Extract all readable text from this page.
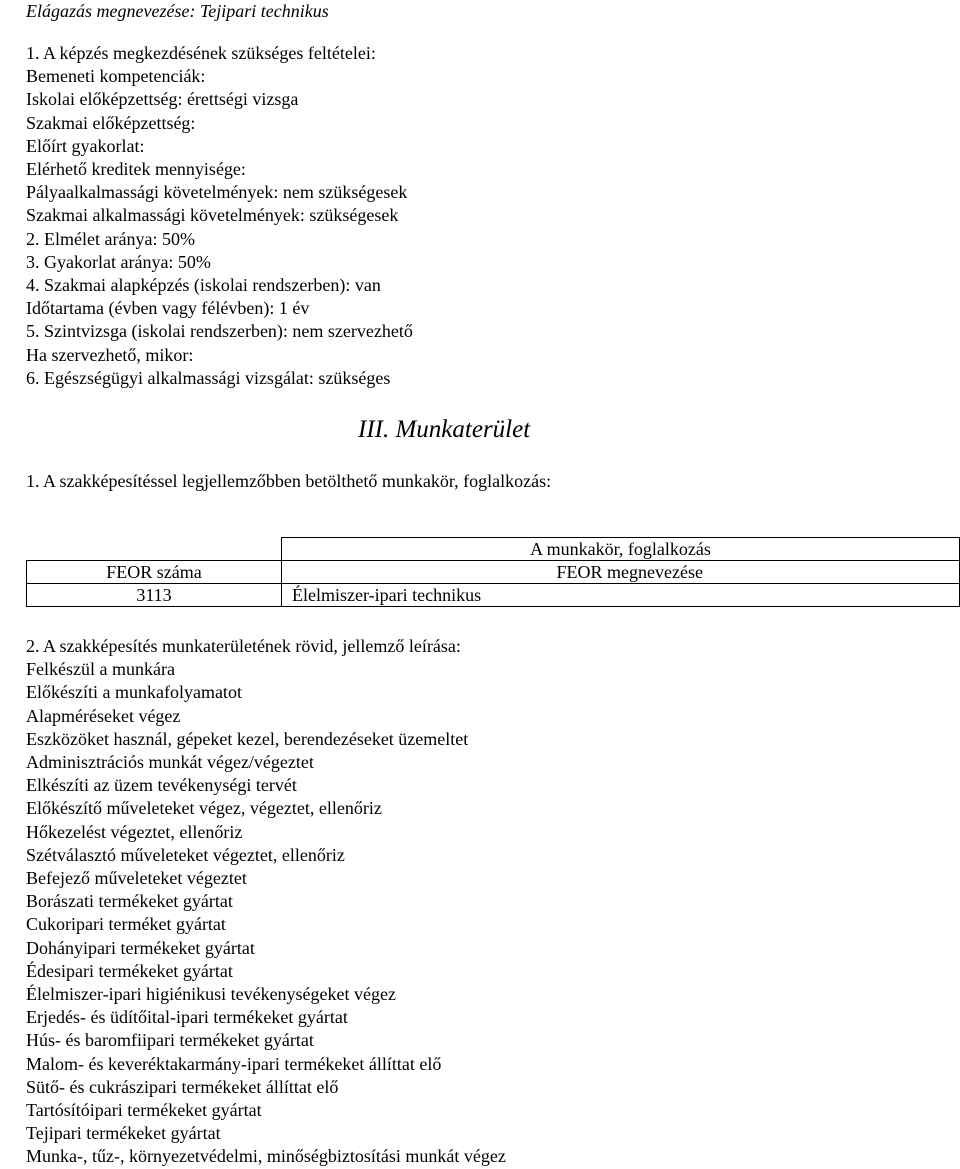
Elágazás megnevezése: Tejipari technikus
1. A képzés megkezdésének szükséges feltételei:
Bemeneti kompetenciák:
Iskolai előképzettség: érettségi vizsga
Szakmai előképzettség:
Előírt gyakorlat:
Elérhető kreditek mennyisége:
Pályaalkalmassági követelmények: nem szükségesek
Szakmai alkalmassági követelmények: szükségesek
2. Elmélet aránya: 50%
3. Gyakorlat aránya: 50%
4. Szakmai alapképzés (iskolai rendszerben): van
Időtartama (évben vagy félévben): 1 év
5. Szintvizsga (iskolai rendszerben): nem szervezhető
Ha szervezhető, mikor:
6. Egészségügyi alkalmassági vizsgálat: szükséges
III. Munkaterület
1. A szakképesítéssel legjellemzőbben betölthető munkakör, foglalkozás:
	A munkakör, foglalkozás
FEOR száma	FEOR megnevezése
3113	Élelmiszer-ipari technikus
2. A szakképesítés munkaterületének rövid, jellemző leírása:
Felkészül a munkára
Előkészíti a munkafolyamatot
Alapméréseket végez
Eszközöket használ, gépeket kezel, berendezéseket üzemeltet
Adminisztrációs munkát végez/végeztet
Elkészíti az üzem tevékenységi tervét
Előkészítő műveleteket végez, végeztet, ellenőriz
Hőkezelést végeztet, ellenőriz
Szétválasztó műveleteket végeztet, ellenőriz
Befejező műveleteket végeztet
Borászati termékeket gyártat
Cukoripari terméket gyártat
Dohányipari termékeket gyártat
Édesipari termékeket gyártat
Élelmiszer-ipari higiénikusi tevékenységeket végez
Erjedés- és üdítőital-ipari termékeket gyártat
Hús- és baromfiipari termékeket gyártat
Malom- és keveréktakarmány-ipari termékeket állíttat elő
Sütő- és cukrászipari termékeket állíttat elő
Tartósítóipari termékeket gyártat
Tejipari termékeket gyártat
Munka-, tűz-, környezetvédelmi, minőségbiztosítási munkát végez
